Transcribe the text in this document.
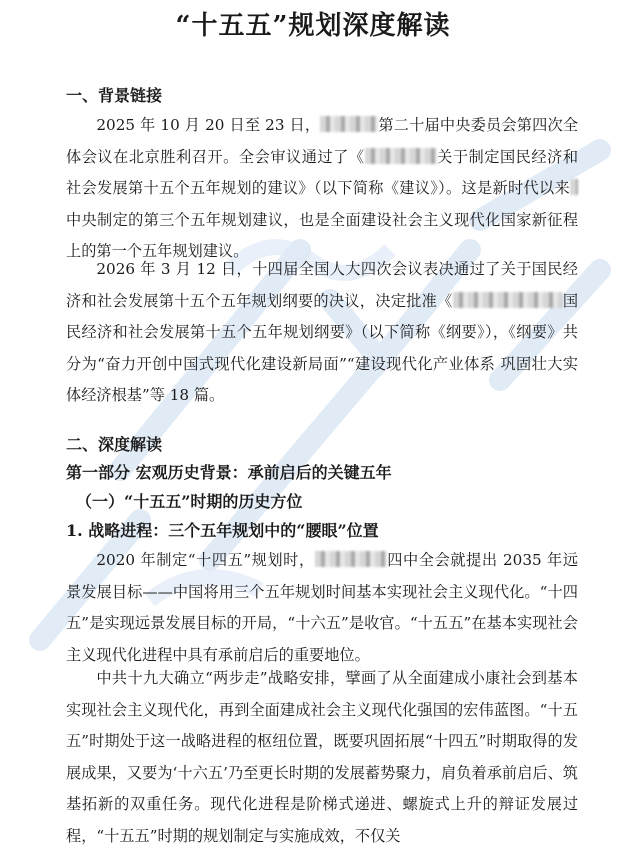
“十五五”规划深度解读
一、背景链接
2025 年 10 月 20 日至 23 日，	第二十届中央委员会第四次全体会议在北京胜利召开。全会审议通过了《	关于制定国民经济和社会发展第十五个五年规划的建议》（以下简称《建议》）。这是新时代以来中央制定的第三个五年规划建议，也是全面建设社会主义现代化国家新征程上的第一个五年规划建议。
2026 年 3 月 12 日，十四届全国人大四次会议表决通过了关于国民经济和社会发展第十五个五年规划纲要的决议，决定批准《	国民经济和社会发展第十五个五年规划纲要》（以下简称《纲要》），《纲要》共分为“奋力开创中国式现代化建设新局面”“建设现代化产业体系 巩固壮大实体经济根基”等 18 篇。
二、深度解读
第一部分 宏观历史背景：承前启后的关键五年
（一）“十五五”时期的历史方位
1. 战略进程：三个五年规划中的“腰眼”位置
2020 年制定“十四五”规划时，	四中全会就提出 2035 年远景发展目标——中国将用三个五年规划时间基本实现社会主义现代化。“十四五”是实现远景发展目标的开局，“十六五”是收官。“十五五”在基本实现社会主义现代化进程中具有承前启后的重要地位。
中共十九大确立“两步走”战略安排，擘画了从全面建成小康社会到基本实现社会主义现代化，再到全面建成社会主义现代化强国的宏伟蓝图。“十五五”时期处于这一战略进程的枢纽位置，既要巩固拓展“十四五”时期取得的发展成果，又要为‘十六五’乃至更长时期的发展蓄势聚力，肩负着承前启后、筑基拓新的双重任务。现代化进程是阶梯式递进、螺旋式上升的辩证发展过程，“十五五”时期的规划制定与实施成效，不仅关
